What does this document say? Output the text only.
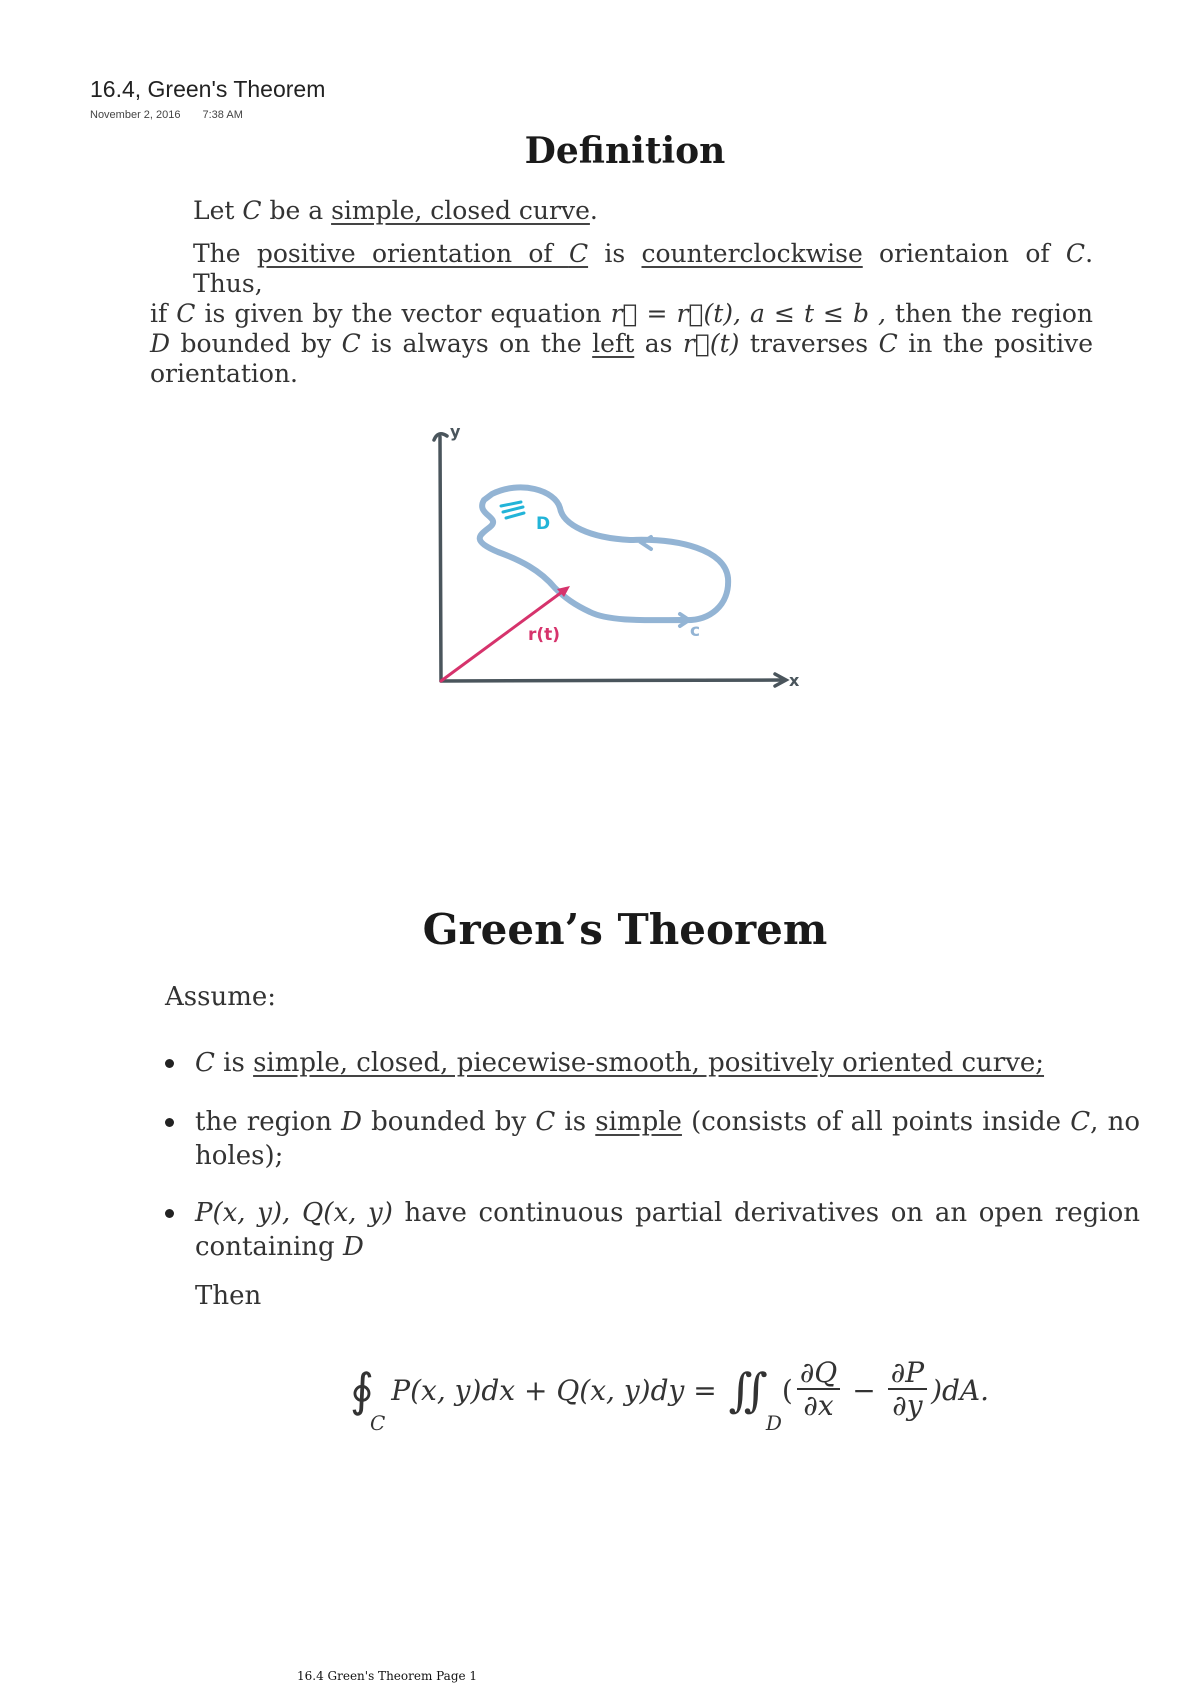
16.4, Green's Theorem
November 2, 2016 7:38 AM
Definition
Let C be a simple, closed curve.
The positive orientation of C is counterclockwise orientaion of C. Thus,
if C is given by the vector equation r⃗ = r⃗(t), a ≤ t ≤ b , then the region
D bounded by C is always on the left as r⃗(t) traverses C in the positive
orientation.
y
x
D
r(t)	c
Green’s Theorem
Assume:
C is simple, closed, piecewise-smooth, positively oriented curve;
the region D bounded by C is simple (consists of all points inside C, no
holes);
P(x, y), Q(x, y) have continuous partial derivatives on an open region
containing D
Then
∮
C
P(x, y)dx + Q(x, y)dy = ∬
D
( $\frac{\partial Q}{\partial x} - \frac{\partial P}{\partial y} )dA$.
16.4 Green's Theorem Page 1
